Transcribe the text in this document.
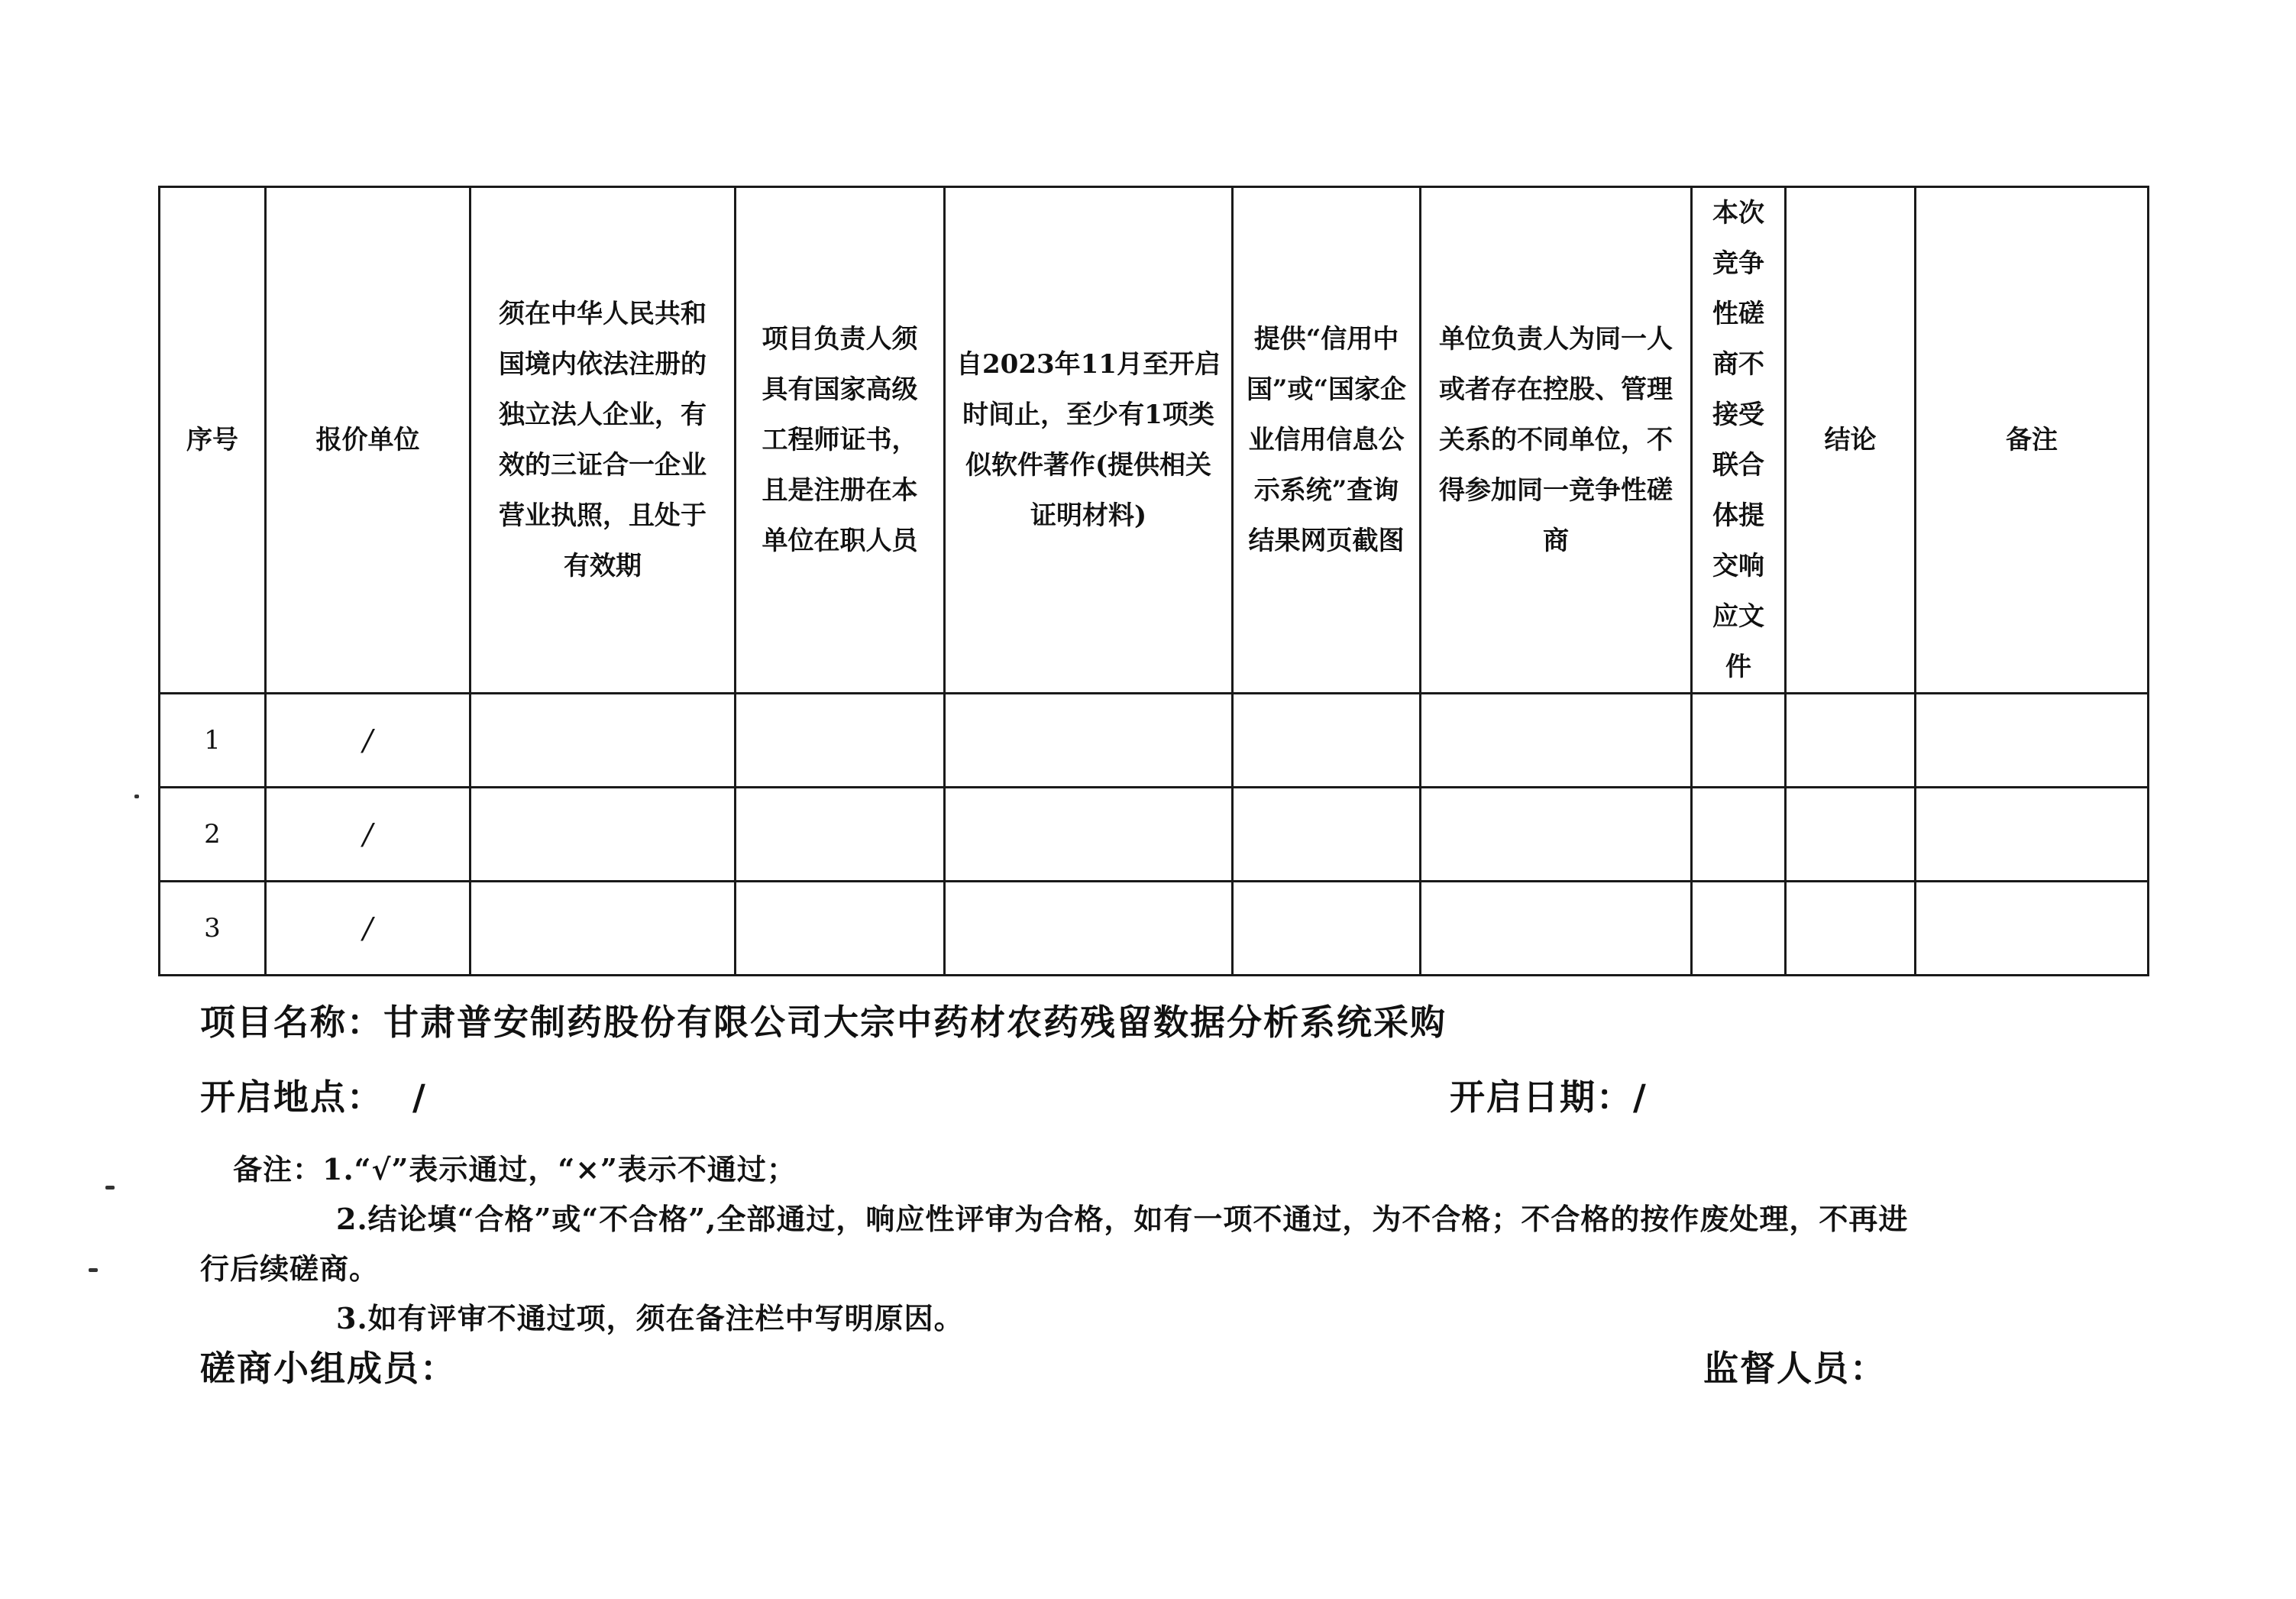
序号	报价单位	须在中华人民共和国境内依法注册的独立法人企业，有效的三证合一企业营业执照，且处于有效期	项目负责人须具有国家高级工程师证书，且是注册在本单位在职人员	自2023年11月至开启时间止，至少有1项类似软件著作(提供相关证明材料)	提供“信用中国”或“国家企业信用信息公示系统”查询结果网页截图	单位负责人为同一人或者存在控股、管理关系的不同单位，不得参加同一竞争性磋商	本次竞争性磋商不接受联合体提交响应文件	结论	备注

1	/								
2	/								
3	/								
项目名称：甘肃普安制药股份有限公司大宗中药材农药残留数据分析系统采购
开启地点： /	开启日期：/
备注：1.“√”表示通过，“×”表示不通过；
2.结论填“合格”或“不合格”,全部通过，响应性评审为合格，如有一项不通过，为不合格；不合格的按作废处理，不再进
行后续磋商。
3.如有评审不通过项，须在备注栏中写明原因。
磋商小组成员：	监督人员：
